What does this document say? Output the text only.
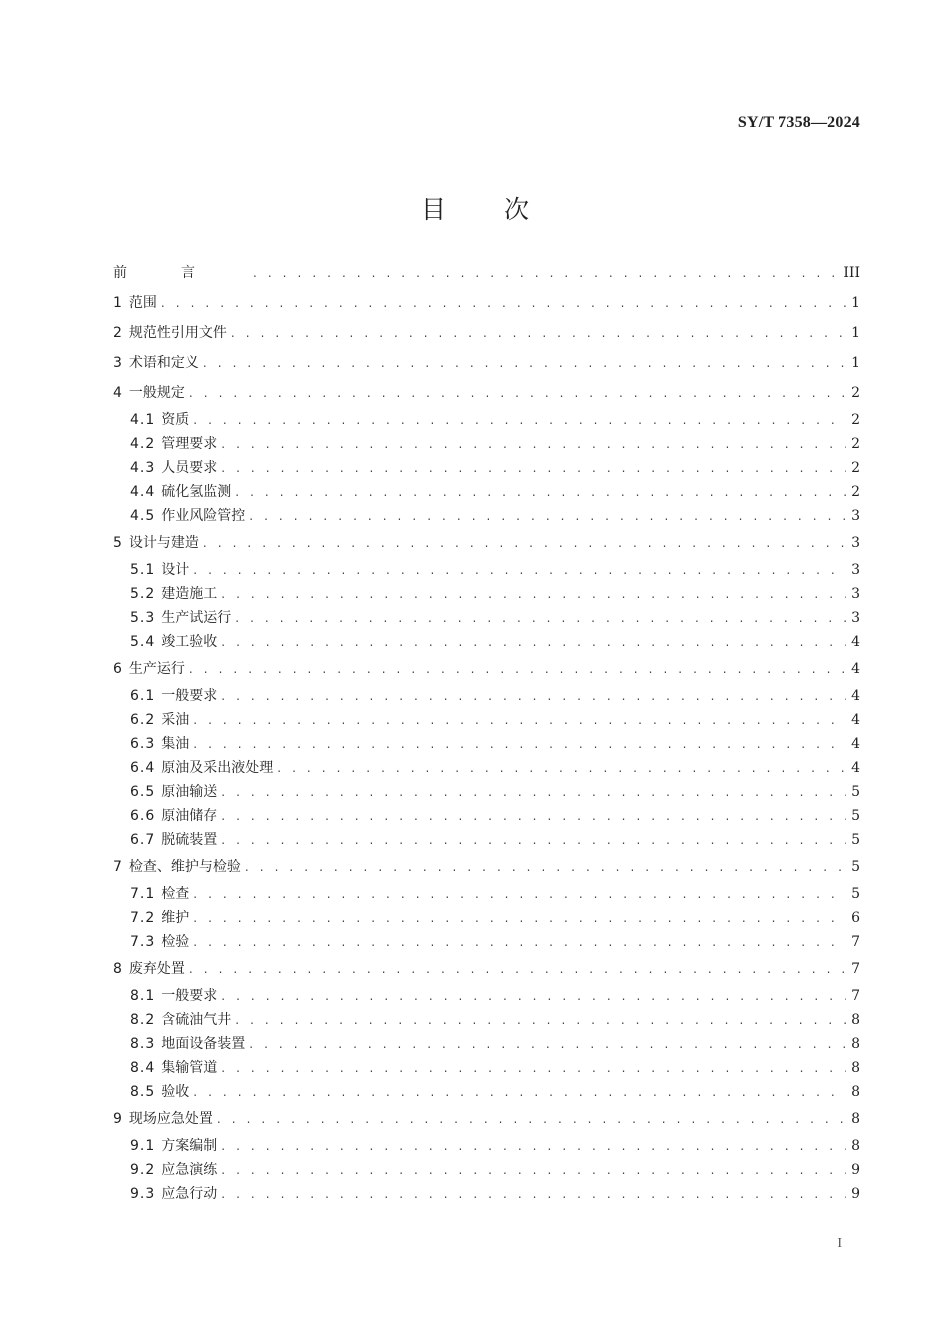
SY/T 7358—2024
目次
前言 . . .	III
1 范围 . . .	1
2 规范性引用文件 . . .	1
3 术语和定义 . . .	1
4 一般规定 . . .	2
4.1 资质 . . .	2
4.2 管理要求 . . .	2
4.3 人员要求 . . .	2
4.4 硫化氢监测 . . .	2
4.5 作业风险管控 . . .	3
5 设计与建造 . . .	3
5.1 设计 . . .	3
5.2 建造施工 . . .	3
5.3 生产试运行 . . .	3
5.4 竣工验收 . . .	4
6 生产运行 . . .	4
6.1 一般要求 . . .	4
6.2 采油 . . .	4
6.3 集油 . . .	4
6.4 原油及采出液处理 . . .	4
6.5 原油输送 . . .	5
6.6 原油储存 . . .	5
6.7 脱硫装置 . . .	5
7 检查、维护与检验 . . .	5
7.1 检查 . . .	5
7.2 维护 . . .	6
7.3 检验 . . .	7
8 废弃处置 . . .	7
8.1 一般要求 . . .	7
8.2 含硫油气井 . . .	8
8.3 地面设备装置 . . .	8
8.4 集输管道 . . .	8
8.5 验收 . . .	8
9 现场应急处置 . . .	8
9.1 方案编制 . . .	8
9.2 应急演练 . . .	9
9.3 应急行动 . . .	9
I
